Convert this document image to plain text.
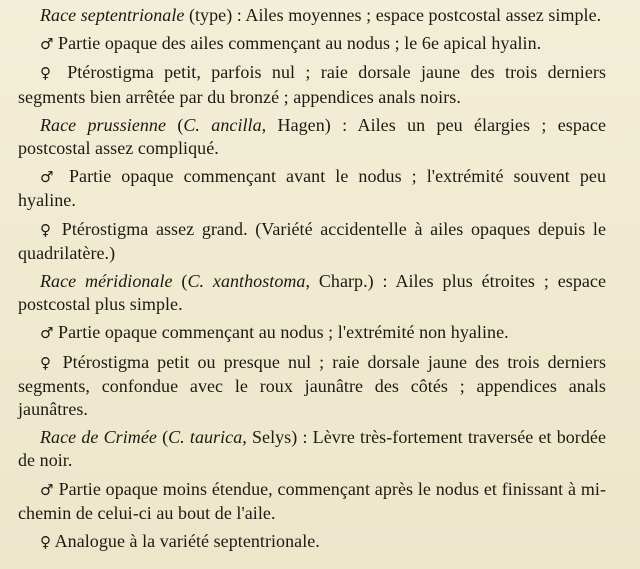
Race septentrionale (type) : Ailes moyennes ; espace postcostal assez simple.

♂ Partie opaque des ailes commençant au nodus ; le 6e apical hyalin.

♀ Ptérostigma petit, parfois nul ; raie dorsale jaune des trois derniers segments bien arrêtée par du bronzé ; appendices anals noirs.

Race prussienne (C. ancilla, Hagen) : Ailes un peu élargies ; espace postcostal assez compliqué.

♂ Partie opaque commençant avant le nodus ; l'extrémité souvent peu hyaline.

♀ Ptérostigma assez grand. (Variété accidentelle à ailes opaques depuis le quadrilatère.)

Race méridionale (C. xanthostoma, Charp.) : Ailes plus étroites ; espace postcostal plus simple.

♂ Partie opaque commençant au nodus ; l'extrémité non hyaline.

♀ Ptérostigma petit ou presque nul ; raie dorsale jaune des trois derniers segments, confondue avec le roux jaunâtre des côtés ; appendices anals jaunâtres.

Race de Crimée (C. taurica, Selys) : Lèvre très-fortement traversée et bordée de noir.

♂ Partie opaque moins étendue, commençant après le nodus et finissant à mi-chemin de celui-ci au bout de l'aile.

♀ Analogue à la variété septentrionale.
